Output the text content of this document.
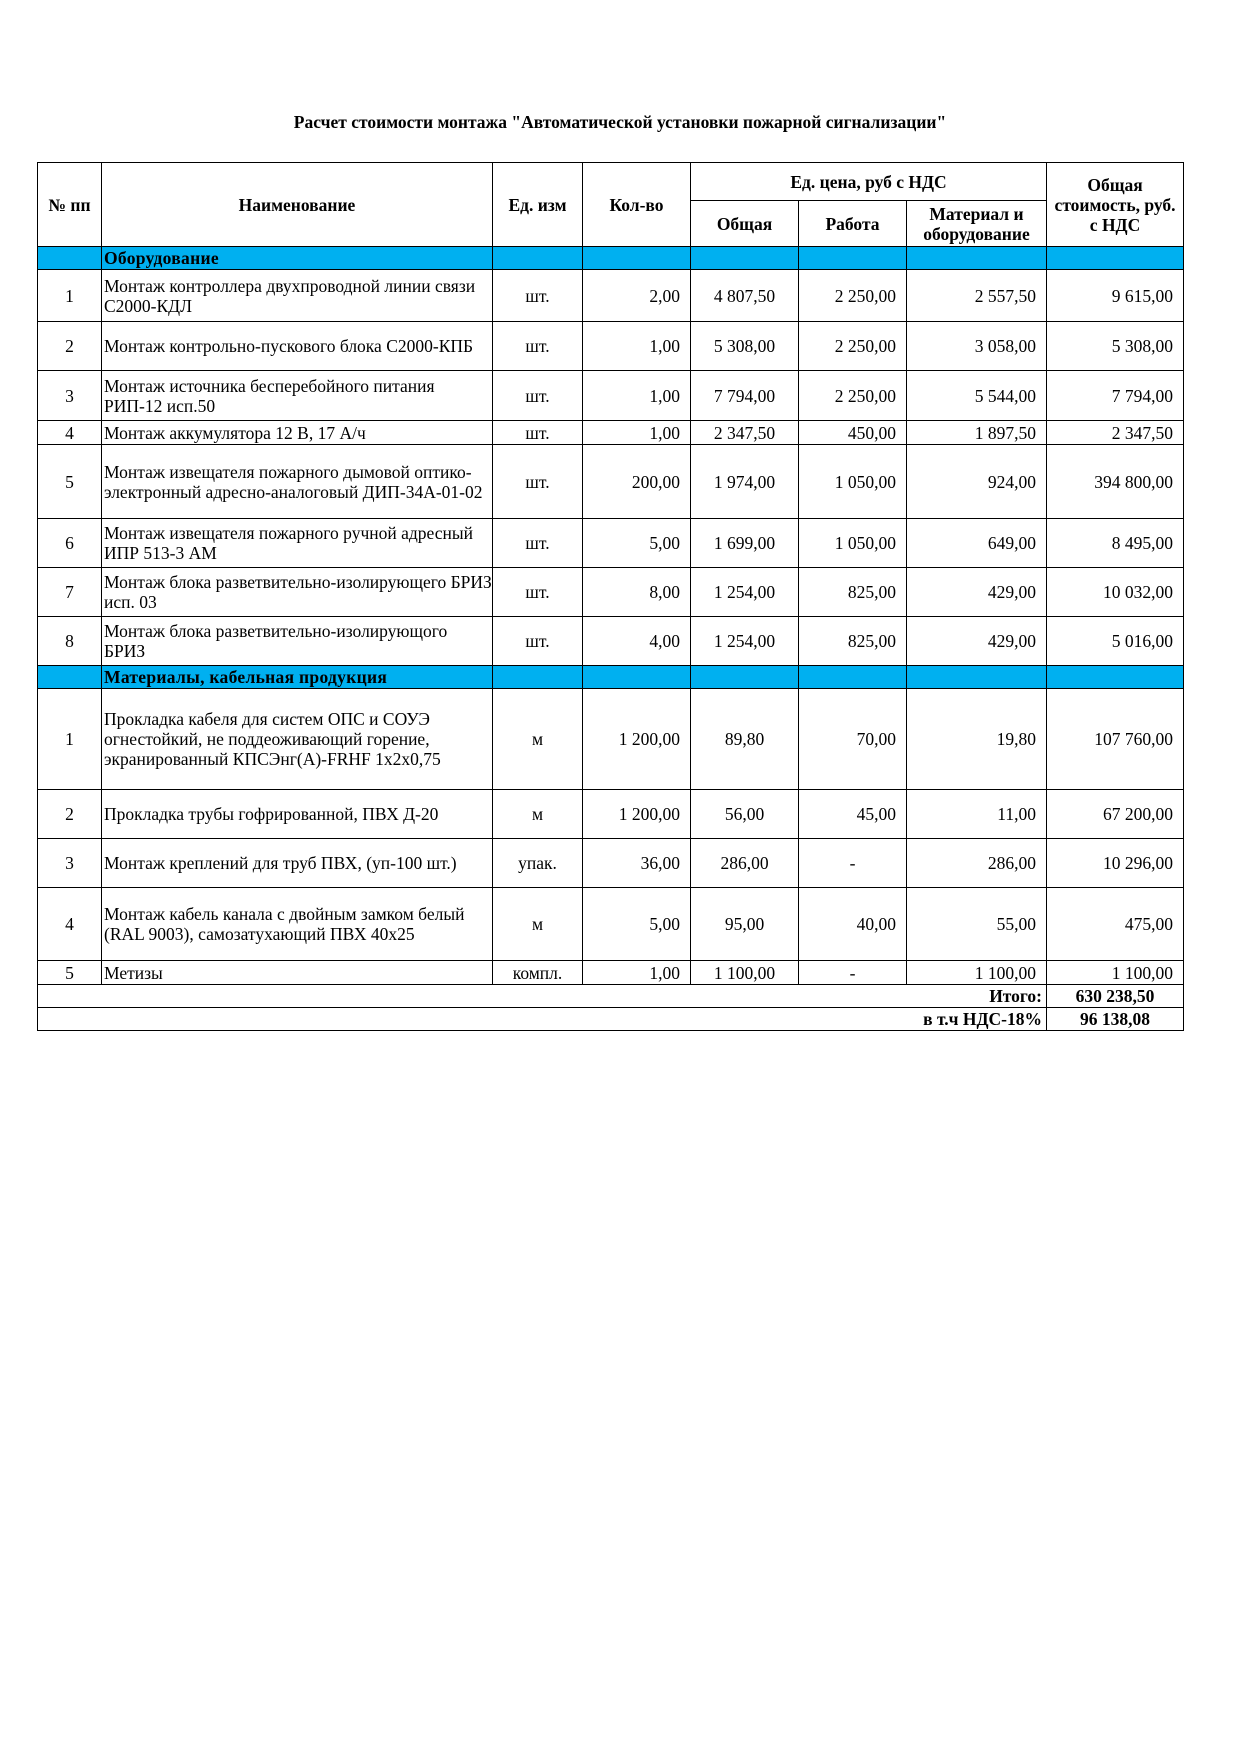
Расчет стоимости монтажа "Автоматической установки пожарной сигнализации"
№ пп	Наименование	Ед. изм	Кол-во	Ед. цена, руб с НДС			Общая стоимость, руб. с НДС
				Общая	Работа	Материал и оборудование	
	Оборудование						
1	Монтаж контроллера двухпроводной линии связи С2000-КДЛ	шт.	2,00	4 807,50	2 250,00	2 557,50	9 615,00
2	Монтаж контрольно-пускового блока С2000-КПБ	шт.	1,00	5 308,00	2 250,00	3 058,00	5 308,00
3	Монтаж источника бесперебойного питания РИП-12 исп.50	шт.	1,00	7 794,00	2 250,00	5 544,00	7 794,00
4	Монтаж аккумулятора 12 В, 17 А/ч	шт.	1,00	2 347,50	450,00	1 897,50	2 347,50
5	Монтаж извещателя пожарного дымовой оптико-электронный адресно-аналоговый ДИП-34А-01-02	шт.	200,00	1 974,00	1 050,00	924,00	394 800,00
6	Монтаж извещателя пожарного ручной адресный ИПР 513-3 АМ	шт.	5,00	1 699,00	1 050,00	649,00	8 495,00
7	Монтаж блока разветвительно-изолирующего БРИЗ исп. 03	шт.	8,00	1 254,00	825,00	429,00	10 032,00
8	Монтаж блока разветвительно-изолирующого БРИЗ	шт.	4,00	1 254,00	825,00	429,00	5 016,00
	Материалы, кабельная продукция						
1	Прокладка кабеля для систем ОПС и СОУЭ огнестойкий, не поддеоживающий горение, экранированный КПСЭнг(А)-FRHF 1х2х0,75	м	1 200,00	89,80	70,00	19,80	107 760,00
2	Прокладка трубы гофрированной, ПВХ Д-20	м	1 200,00	56,00	45,00	11,00	67 200,00
3	Монтаж креплений для труб ПВХ, (уп-100 шт.)	упак.	36,00	286,00	-	286,00	10 296,00
4	Монтаж кабель канала с двойным замком белый (RAL 9003), самозатухающий ПВХ 40х25	м	5,00	95,00	40,00	55,00	475,00
5	Метизы	компл.	1,00	1 100,00	-	1 100,00	1 100,00
Итого:							630 238,50
в т.ч НДС-18%							96 138,08
